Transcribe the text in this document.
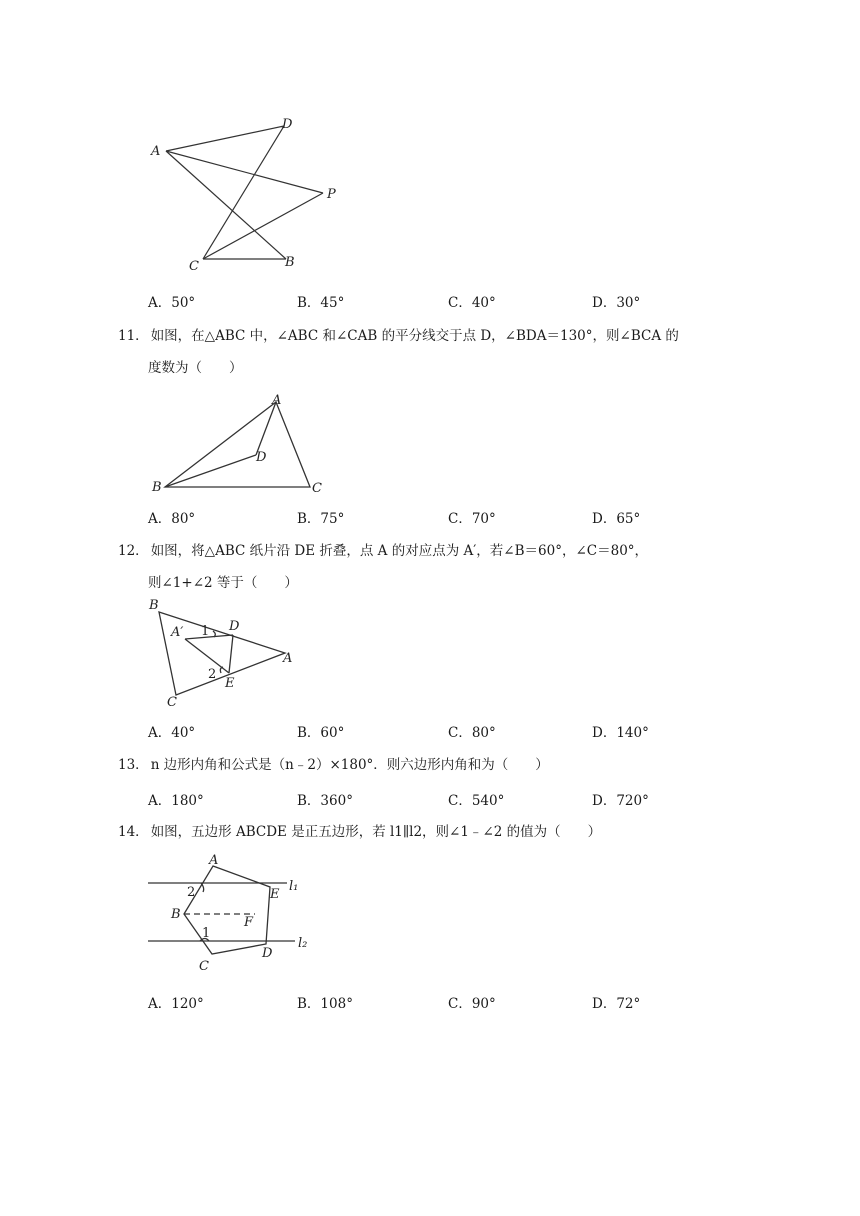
A
D
P
C	B
A．50°	B．45°	C．40°	D．30°
11． 如图，在△ABC 中，∠ABC 和∠CAB 的平分线交于点 D，∠BDA＝130°，则∠BCA 的
度数为（　　）
A
D
B	C
A．80°	B．75°	C．70°	D．65°
12． 如图，将△ABC 纸片沿 DE 折叠，点 A 的对应点为 A′，若∠B＝60°，∠C＝80°，
则∠1+∠2 等于（　　）
B
A′ 1 D
A
2
E
C
A．40°	B．60°	C．80°	D．140°
13． n 边形内角和公式是（n﹣2）×180°．则六边形内角和为（　　）
A．180°	B．360°	C．540°	D．720°
14． 如图，五边形 ABCDE 是正五边形，若 l1∥l2，则∠1﹣∠2 的值为（　　）
A
2	E
l₁
B
F
1
l₂
C
D
A．120°	B．108°	C．90°	D．72°
